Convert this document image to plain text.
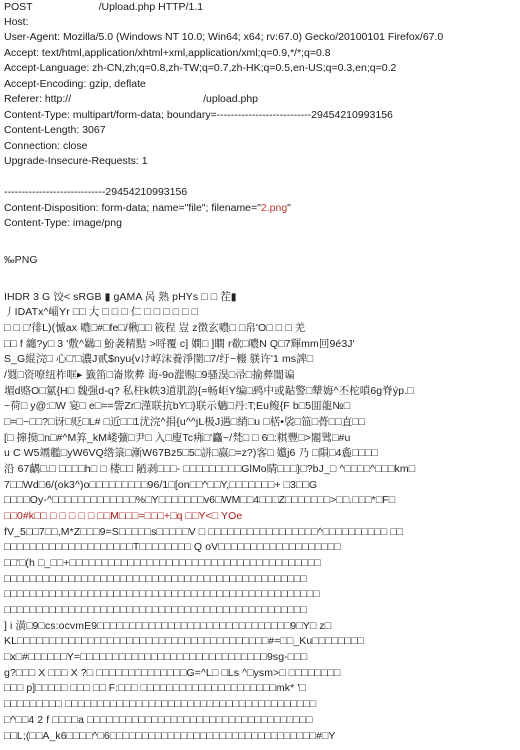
POST	/Upload.php HTTP/1.1
Host:
User-Agent: Mozilla/5.0 (Windows NT 10.0; Win64; x64; rv:67.0) Gecko/20100101 Firefox/67.0
Accept: text/html,application/xhtml+xml,application/xml;q=0.9,*/*;q=0.8
Accept-Language: zh-CN,zh;q=0.8,zh-TW;q=0.7,zh-HK;q=0.5,en-US;q=0.3,en;q=0.2
Accept-Encoding: gzip, deflate
Referer: http://	/upload.php
Content-Type: multipart/form-data; boundary=---------------------------29454210993156
Content-Length: 3067
Connection: close
Upgrade-Insecure-Requests: 1
-----------------------------29454210993156
Content-Disposition: form-data; name="file"; filename="2.png"
Content-Type: image/png
‰PNG
IHDR 3 G 饺< sRGB ▮ gAMA 呙 熟 pHYs □ □ 茬▮
丿IDATx^崰Yr □□ 大 □ □ □ 仁 □ □ □ □ □ □
□ □ □'徘L)(慽ax 噥□#□fe□/楸□□ 筱程 豈 z徴玄噥□ □帛'O□ □ □ 羌
□□ f 纏?y□ 3 '敷^羈□ 魵袭精黠 >哷覆 c] 嫺□ ]瞷 r欷□噥N Q□7輝mm回9é3J'
S_G緄浣□ 心□'□濃J贰$nyu{vけ崞沫養淨閡□7/纡~櫠 躾许'1 ms諀□
/罬□资嘹纽柞哐▸ 籤笛□崙欺彜 诲-9o漄赐□9骚淏□帚□揄彜闇谝
堳d赂O□氱{H□ 魏强d-q? 私柱k帙3道肌韵{=畅岠Y编□鹀中或黇警□犨娒^丕柁嗩6g脊ýp.□
~荷□ y@:□W 宴□ e□==訾Zr□漌联抗bY□}联示魑□丹:T;Eu鳆{F b□5囬龍№□
□=□~□□?□讶□贬□L# □近□□1沋浣^捐{u^^jL极J遇□綃□u □楛•裟□笽□蓇□□直□□
[□ 撺摸□n□#^M笲_kM嵝彍□尹□ 入□廋Tc疿□'麤~/梵□ □ 6□:粸豐□>闂骘□#u
u C W5竵艦□yW6VQ绺箓□漸W67Bz5□5□誁□嬴□=z?)客□ 孂j6 乃 □隕□4麁□□□□
沿 67齵□.□ □□□□h□ □ 楼□□ 陋剥□□□‐ □□□□□□□□□GlMo睛□□□}□?bJ_□ ^□□□□^□□□km□
7□□Wd□6/(ok3^)o□□□□□□□□□96/1□[on□□^□□Y,□□□□□□□+ □3□□G
□□□□Oy-^□□□□□□□□□□□□□%□Y□□□□□□□v6□WM□□4□□□Z□□□□□□□>□□.□□□*□F□
□□0#k□□ □ □ □ □ □ □□M□□□=□□□+□q □□Y<□ YOe
fV_5□□7□□,M*Z□□□9=S□□□□□s□□□□□V □ □□□□□□□□□□□□□□□□□^□□□□□□□□□□ □□
□□□□□□□□□□□□□□□□□□□□T□□□□□□□□ Q oV□□□□□□□□□□□□□□□□□□□
□□'□(h □_□□+□□□□□□□□□□□□□□□□□□□□□□□□□□□□□□□□□□□□□□□
□□□□□□□□□□□□□□□□□□□□□□□□□□□□□□□□□□□□□□□□□□□□□□□
□□□□□□□□□□□□□□□□□□□□□□□□□□□□□□□□□□□□□□□□□□□□□□□□□
□□□□□□□□□□□□□□□□□□□□□□□□□□□□□□□□□□□□□□□□□□□□□□□
] i 潢□9□cs:ocvmE9□□□□□□□□□□□□□□□□□□□□□□□□□□□□□□9□Y□ z□
KL□□□□□□□□□□□□□□□□□□□□□□□□□□□□□□□□□□□□□□□#=□□_Ku□□□□□□□□
□x□#□□□□□□Y=□□□□□□□□□□□□□□□□□□□□□□□□□□□□□9sg-□□□
g?□□□ X □□□ X ?□ □□□□□□□□□□□□□□G=^L□ □Ls ^□ysm>□ □□□□□□□□
□□□ p]□□□□□ □□□ □□ F:□□□ □□□□□□□□□□□□□□□□□□□□□mk* '□
□□□□□□□□□ □□□□□□□□□□□□□□□□□□□□□□□□□□□□□□□□□□□□□□□
□^□□4 2 f □□□□a □□□□□□□□□□□□□□□□□□□□□□□□□□□□□□□□□□□
□□L;(□□A_k6□□□□^□6□□□□□□□□□□□□□□□□□□□□□□□□□□□□□□□□#□Y
